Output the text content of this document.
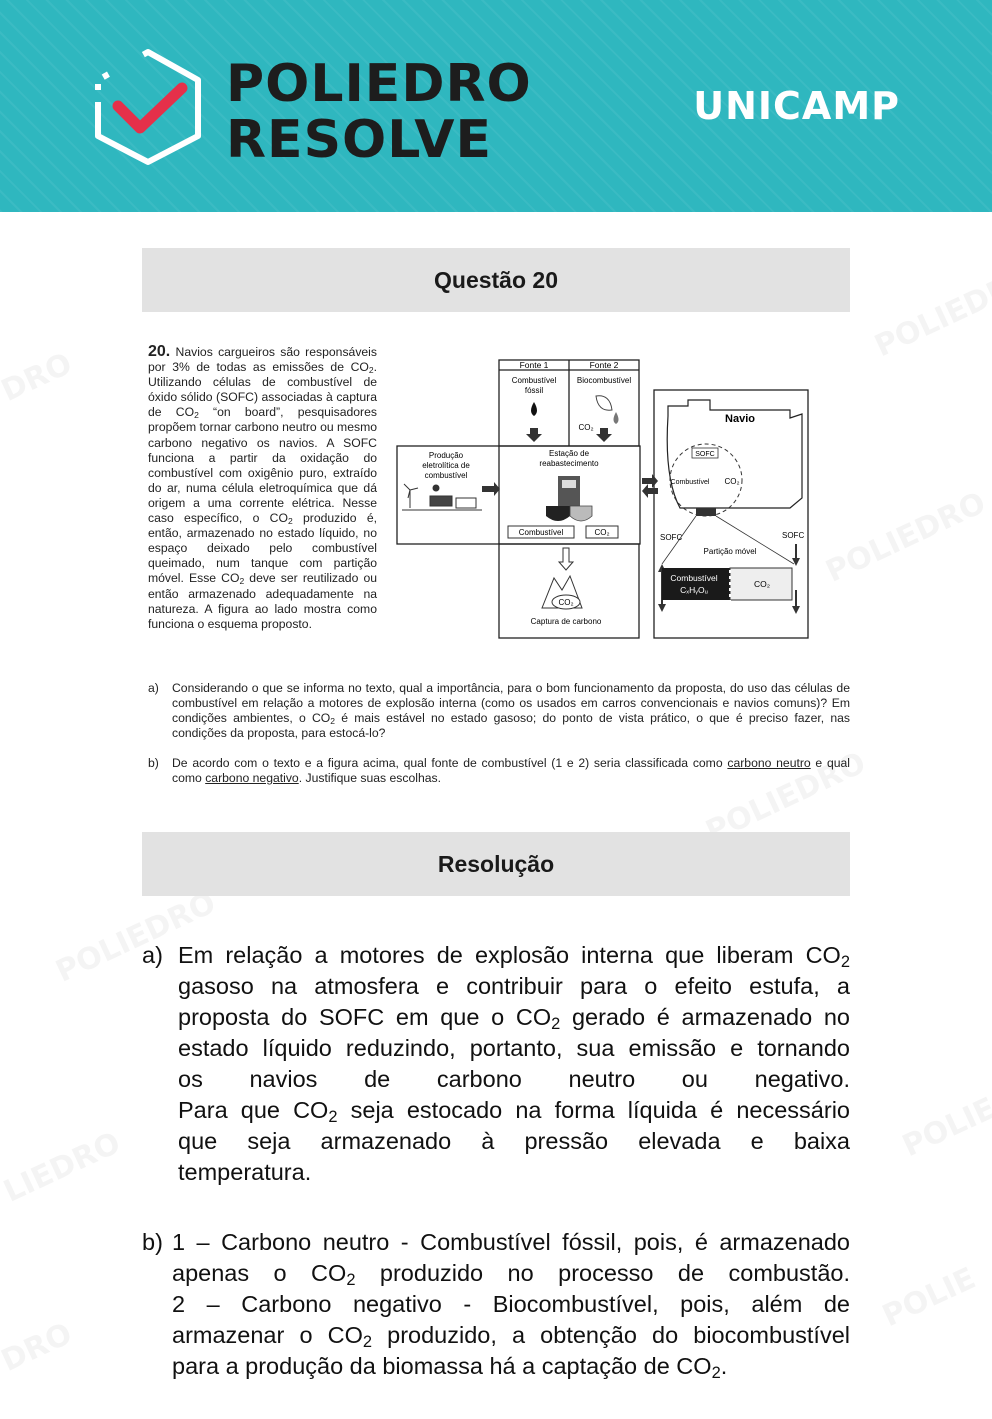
POLIEDRO
RESOLVE
UNICAMP
Questão 20
20. Navios cargueiros são responsáveis por 3% de todas as emissões de $CO_2$. Utilizando células de combustível de óxido sólido (SOFC) associadas à captura de $CO_2$ “on board”, pesquisadores propõem tornar carbono neutro ou mesmo carbono negativo os navios. A SOFC funciona a partir da oxidação do combustível com oxigênio puro, extraído do ar, numa célula eletroquímica que dá origem a uma corrente elétrica. Nesse caso específico, o $CO_2$ produzido é, então, armazenado no estado líquido, no espaço deixado pelo combustível queimado, num tanque com partição móvel. Esse $CO_2$ deve ser reutilizado ou então armazenado adequadamente na natureza. A figura ao lado mostra como funciona o esquema proposto.
Fonte 1	Fonte 2
Combustível
fóssil
Biocombustível
CO₂
Produção
eletrolítica de
combustível
Estação de
reabastecimento
Combustível	CO₂
CO₂
Captura de carbono
Navio
SOFC
Combustível CO₂
SOFC	SOFC
Partição móvel
Combustível
CₓHᵧOᵤ
CO₂
a) Considerando o que se informa no texto, qual a importância, para o bom funcionamento da proposta, do uso das células de combustível em relação a motores de explosão interna (como os usados em carros convencionais e navios comuns)? Em condições ambientes, o $CO_2$ é mais estável no estado gasoso; do ponto de vista prático, o que é preciso fazer, nas condições da proposta, para estocá-lo?
b) De acordo com o texto e a figura acima, qual fonte de combustível (1 e 2) seria classificada como carbono neutro e qual como carbono negativo. Justifique suas escolhas.
Resolução
a) Em relação a motores de explosão interna que liberam $CO_2$
gasoso na atmosfera e contribuir para o efeito estufa, a
proposta do SOFC em que o $CO_2$ gerado é armazenado no
estado líquido reduzindo, portanto, sua emissão e tornando
os navios de carbono neutro ou negativo.
Para que $CO_2$ seja estocado na forma líquida é necessário
que seja armazenado à pressão elevada e baixa
temperatura.
b) 1 – Carbono neutro - Combustível fóssil, pois, é armazenado
apenas o $CO_2$ produzido no processo de combustão.
2 – Carbono negativo - Biocombustível, pois, além de
armazenar o $CO_2$ produzido, a obtenção do biocombustível
para a produção da biomassa há a captação de $CO_2$.
